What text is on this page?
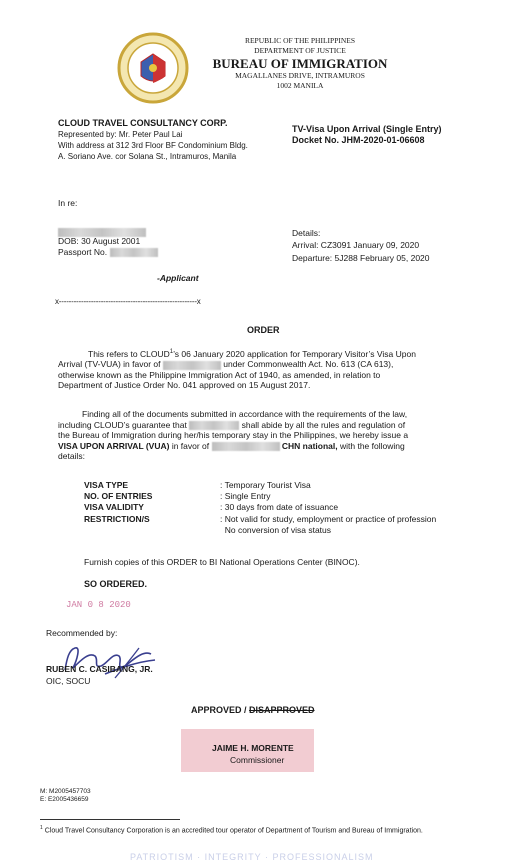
REPUBLIC OF THE PHILIPPINES
DEPARTMENT OF JUSTICE
BUREAU OF IMMIGRATION
MAGALLANES DRIVE, INTRAMUROS
1002 MANILA
CLOUD TRAVEL CONSULTANCY CORP.
Represented by: Mr. Peter Paul Lai
With address at 312 3rd Floor BF Condominium Bldg.
A. Soriano Ave. cor Solana St., Intramuros, Manila
TV-Visa Upon Arrival (Single Entry)
Docket No. JHM-2020-01-06608
In re:
DOB: 30 August 2001
Passport No.
-Applicant
Details:
Arrival: CZ3091 January 09, 2020
Departure: 5J288 February 05, 2020
x--------------------------------------------------------x
ORDER
This refers to CLOUD$^1$’s 06 January 2020 application for Temporary Visitor’s Visa Upon
Arrival (TV-VUA) in favor of	under Commonwealth Act. No. 613 (CA 613),
otherwise known as the Philippine Immigration Act of 1940, as amended, in relation to
Department of Justice Order No. 041 approved on 15 August 2017.
Finding all of the documents submitted in accordance with the requirements of the law,
including CLOUD’s guarantee that	shall abide by all the rules and regulation of
the Bureau of Immigration during her/his temporary stay in the Philippines, we hereby issue a
VISA UPON ARRIVAL (VUA) in favor of	CHN national, with the following
details:
VISA TYPE	: Temporary Tourist Visa
NO. OF ENTRIES	: Single Entry
VISA VALIDITY	: 30 days from date of issuance
RESTRICTION/S	: Not valid for study, employment or practice of profession
No conversion of visa status
Furnish copies of this ORDER to BI National Operations Center (BINOC).
SO ORDERED.
JAN 0 8 2020
Recommended by:
RUBEN C. CASIBANG, JR.
OIC, SOCU
APPROVED / DISAPPROVED
JAIME H. MORENTE
Commissioner
M: M2005457703
E: E2005436659
$^1$ Cloud Travel Consultancy Corporation is an accredited tour operator of Department of Tourism and Bureau of Immigration.
PATRIOTISM · INTEGRITY · PROFESSIONALISM
